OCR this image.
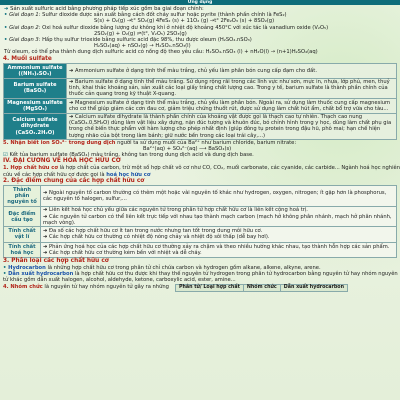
Ứng dụng

➜ Sản xuất sulfuric acid bằng phương pháp tiếp xúc gồm ba giai đoạn chính:

• Giai đoạn 1: Sulfur dioxide được sản xuất bằng cách đốt cháy sulfur hoặc pyrite (thành phần chính là FeS₂)

S(s) + O₂(g) →t° SO₂(g) 4FeS₂ (s) + 11O₂ (g) →t° 2Fe₂O₃ (s) + 8SO₂(g)

• Giai đoạn 2: Oxi hoá sulfur dioxide bằng lượng dư không khí ở nhiệt độ khoảng 450°C với xúc tác là vanadium oxide (V₂O₅)

2SO₂(g) + O₂(g) ⇌(t°, V₂O₅) 2SO₃(g)

• Giai đoạn 3: Hấp thụ sulfur trioxide bằng sulfuric acid đặc 98%, thu được oleum (H₂SO₄.nSO₃)

H₂SO₄(aq) + nSO₃(g) → H₂SO₄.nSO₃(l)

Từ oleum, có thể pha thành dung dịch sulfuric acid có nồng độ theo yêu cầu: H₂SO₄.nSO₃ (l) + nH₂O(l) → (n+1)H₂SO₄(aq)

4. Muối sulfate
Ammonium sulfate ((NH₄)₂SO₄)	➜ Ammonium sulfate ở dạng tinh thể màu trắng, chủ yếu làm phân bón cung cấp đạm cho đất.
Barium sulfate (BaSO₄)	➜ Barium sulfate ở dạng tinh thể màu trắng. Sử dụng rộng rãi trong các lĩnh vực như sơn, mực in, nhựa, lớp phủ, men, thuỷ tinh, khai thác khoáng sản, sản xuất các loại giấy trắng chất lượng cao. Trong y tế, barium sulfate là thành phần chính của thuốc cản quang trong kỹ thuật X-quang.
Magnesium sulfate (MgSO₄)	➜ Magnesium sulfate ở dạng tinh thể màu trắng, chủ yếu làm phân bón. Ngoài ra, sử dụng làm thuốc cung cấp magnesium cho cơ thể giúp giảm các cơn đau cơ, giảm triệu chứng thuốt rút, được sử dụng làm chất hút ẩm, chất bổ trợ vữa cho tàu...
Calcium sulfate dihydrate (CaSO₄.2H₂O)	➜ Calcium sulfate dihydrate là thành phần chính của khoáng vật được gọi là thạch cao tự nhiên. Thạch cao nung (CaSO₄.0,5H₂O) dùng làm vật liệu xây dựng, nặn đúc tượng và khuôn đúc, bó chỉnh hình trong y học, dùng làm chất phụ gia trong chế biến thực phẩm với hàm lượng cho phép nhất định (giúp đông tụ protein trong đậu hũ, phô mai; hạn chế hiện tượng nhão của bột trong làm bánh; giữ nước bền trong các loại trái cây,...)
5. Nhận biết ion SO₄²⁻ trong dung dịch người ta sử dụng muối của Ba²⁺ như barium chloride, barium nitrate:
Ba²⁺(aq) + SO₄²⁻(aq) ⟶ BaSO₄(s)
☑ Kết tủa barium sulfate (BaSO₄) màu trắng, không tan trong dung dịch acid và dung dịch base.
IV. ĐẠI CƯƠNG VỀ HOÁ HỌC HỮU CƠ
1. Hợp chất hữu cơ là hợp chất của carbon, trừ một số hợp chất vô cơ như CO, CO₂, muối carbonate, các cyanide, các carbide... Ngành hoá học nghiên cứu về các hợp chất hữu cơ được gọi là hoá học hữu cơ
2. Đặc điểm chung của các hợp chất hữu cơ
Thành phần nguyên tố	➜ Ngoài nguyên tố carbon thường có thêm một hoặc vài nguyên tố khác như hydrogen, oxygen, nitrogen; ít gặp hơn là phosphorus, các nguyên tố halogen, sulfur,...
Đặc điểm cấu tạo	➜ Liên kết hoá học chủ yếu giữa các nguyên tử trong phân tử hợp chất hữu cơ là liên kết cộng hoá trị.
➜ Các nguyên tử carbon có thể liên kết trực tiếp với nhau tạo thành mạch carbon (mạch hở không phân nhánh, mạch hở phân nhánh, mạch vòng).
Tính chất vật lí	➜ Đa số các hợp chất hữu cơ ít tan trong nước nhưng tan tốt trong dung môi hữu cơ.
➜ Các hợp chất hữu cơ thường có nhiệt độ nóng chảy và nhiệt độ sôi thấp (dễ bay hơi).
Tính chất hoá học	➜ Phản ứng hoá học của các hợp chất hữu cơ thường xảy ra chậm và theo nhiều hướng khác nhau, tạo thành hỗn hợp các sản phẩm.
➜ Các hợp chất hữu cơ thường kém bền với nhiệt và dễ cháy.
3. Phân loại các hợp chất hữu cơ
• Hydrocarbon là những hợp chất hữu cơ trong phân tử chỉ chứa carbon và hydrogen gồm alkane, alkene, alkyne, arene.
• Dẫn xuất hydrocarbon là hợp chất hữu cơ thu được khi thay thế nguyên tử hydrogen trong phân tử hydrocarbon bằng nguyên tử hay nhóm nguyên tử khác gồm dẫn xuất halogen, alcohol, aldehyde, ketone, carboxylic acid, ester, amine...
4. Nhóm chức là nguyên tử hay nhóm nguyên tử gây ra những Phân tử/ Loại hợp chất	Nhóm chức	Dẫn xuất hydrocarbon
